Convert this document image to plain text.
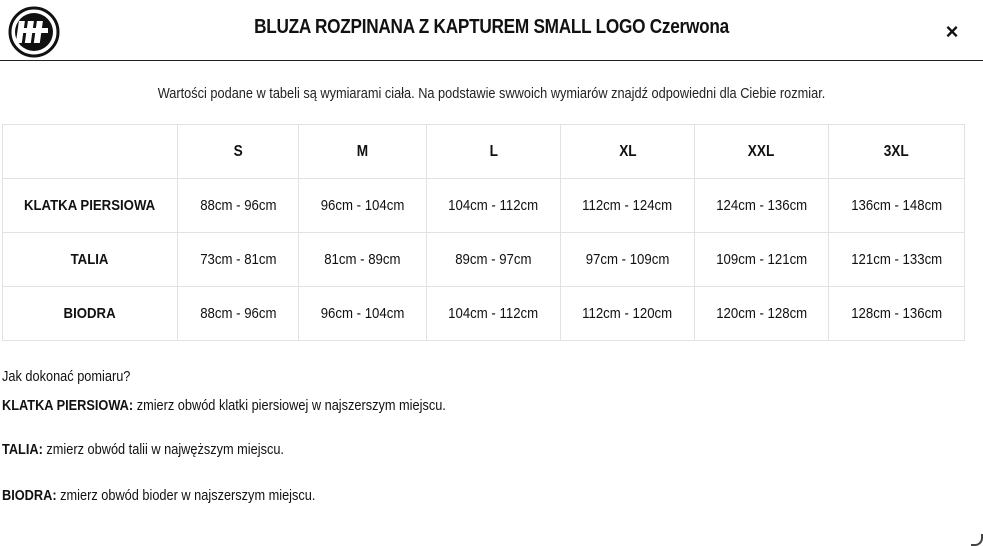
BLUZA ROZPINANA Z KAPTUREM SMALL LOGO Czerwona	×
Wartości podane w tabeli są wymiarami ciała. Na podstawie swwoich wymiarów znajdź odpowiedni dla Ciebie rozmiar.
	S	M	L	XL	XXL	3XL
KLATKA PIERSIOWA	88cm - 96cm	96cm - 104cm	104cm - 112cm	112cm - 124cm	124cm - 136cm	136cm - 148cm
TALIA	73cm - 81cm	81cm - 89cm	89cm - 97cm	97cm - 109cm	109cm - 121cm	121cm - 133cm
BIODRA	88cm - 96cm	96cm - 104cm	104cm - 112cm	112cm - 120cm	120cm - 128cm	128cm - 136cm
Jak dokonać pomiaru?
KLATKA PIERSIOWA: zmierz obwód klatki piersiowej w najszerszym miejscu.
TALIA: zmierz obwód talii w najwęższym miejscu.
BIODRA: zmierz obwód bioder w najszerszym miejscu.
